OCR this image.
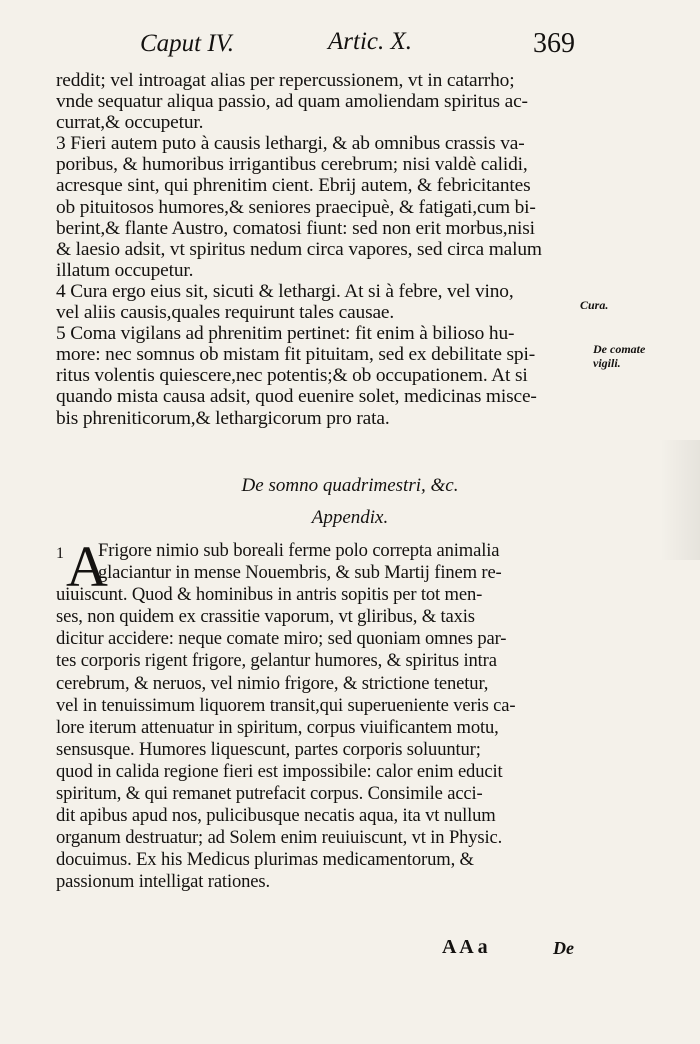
Caput IV.	Artic. X.	369
reddit; vel introagat alias per repercussionem, vt in catarrho;
vnde sequatur aliqua passio, ad quam amoliendam spiritus ac-
currat,& occupetur.
3 Fieri autem puto à causis lethargi, & ab omnibus crassis va-
poribus, & humoribus irrigantibus cerebrum; nisi valdè calidi,
acresque sint, qui phrenitim cient. Ebrij autem, & febricitantes
ob pituitosos humores,& seniores praecipuè, & fatigati,cum bi-
berint,& flante Austro, comatosi fiunt: sed non erit morbus,nisi
& laesio adsit, vt spiritus nedum circa vapores, sed circa malum
illatum occupetur.
4 Cura ergo eius sit, sicuti & lethargi. At si à febre, vel vino,
vel aliis causis,quales requirunt tales causae.
5 Coma vigilans ad phrenitim pertinet: fit enim à bilioso hu-
more: nec somnus ob mistam fit pituitam, sed ex debilitate spi-
ritus volentis quiescere,nec potentis;& ob occupationem. At si
quando mista causa adsit, quod euenire solet, medicinas misce-
bis phreniticorum,& lethargicorum pro rata.
Cura.
De comate
vigili.
De somno quadrimestri, &c.
Appendix.
1 A
Frigore nimio sub boreali ferme polo correpta animalia
glaciantur in mense Nouembris, & sub Martij finem re-
uiuiscunt. Quod & hominibus in antris sopitis per tot men-
ses, non quidem ex crassitie vaporum, vt gliribus, & taxis
dicitur accidere: neque comate miro; sed quoniam omnes par-
tes corporis rigent frigore, gelantur humores, & spiritus intra
cerebrum, & neruos, vel nimio frigore, & strictione tenetur,
vel in tenuissimum liquorem transit,qui superueniente veris ca-
lore iterum attenuatur in spiritum, corpus viuificantem motu,
sensusque. Humores liquescunt, partes corporis soluuntur;
quod in calida regione fieri est impossibile: calor enim educit
spiritum, & qui remanet putrefacit corpus. Consimile acci-
dit apibus apud nos, pulicibusque necatis aqua, ita vt nullum
organum destruatur; ad Solem enim reuiuiscunt, vt in Physic.
docuimus. Ex his Medicus plurimas medicamentorum, &
passionum intelligat rationes.
A A a	De
